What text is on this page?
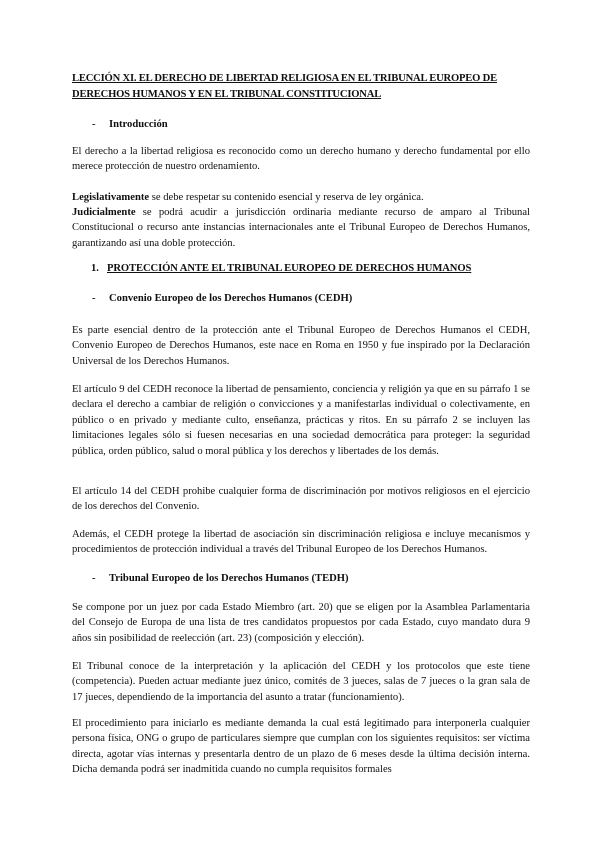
LECCIÓN XI. EL DERECHO DE LIBERTAD RELIGIOSA EN EL TRIBUNAL EUROPEO DE DERECHOS HUMANOS Y EN EL TRIBUNAL CONSTITUCIONAL
- Introducción
El derecho a la libertad religiosa es reconocido como un derecho humano y derecho fundamental por ello merece protección de nuestro ordenamiento.
Legislativamente se debe respetar su contenido esencial y reserva de ley orgánica.
Judicialmente se podrá acudir a jurisdicción ordinaria mediante recurso de amparo al Tribunal Constitucional o recurso ante instancias internacionales ante el Tribunal Europeo de Derechos Humanos, garantizando así una doble protección.
1. PROTECCIÓN ANTE EL TRIBUNAL EUROPEO DE DERECHOS HUMANOS
- Convenio Europeo de los Derechos Humanos (CEDH)
Es parte esencial dentro de la protección ante el Tribunal Europeo de Derechos Humanos el CEDH, Convenio Europeo de Derechos Humanos, este nace en Roma en 1950 y fue inspirado por la Declaración Universal de los Derechos Humanos.
El artículo 9 del CEDH reconoce la libertad de pensamiento, conciencia y religión ya que en su párrafo 1 se declara el derecho a cambiar de religión o convicciones y a manifestarlas individual o colectivamente, en público o en privado y mediante culto, enseñanza, prácticas y ritos. En su párrafo 2 se incluyen las limitaciones legales sólo si fuesen necesarias en una sociedad democrática para proteger: la seguridad pública, orden público, salud o moral pública y los derechos y libertades de los demás.
El artículo 14 del CEDH prohibe cualquier forma de discriminación por motivos religiosos en el ejercicio de los derechos del Convenio.
Además, el CEDH protege la libertad de asociación sin discriminación religiosa e incluye mecanismos y procedimientos de protección individual a través del Tribunal Europeo de los Derechos Humanos.
- Tribunal Europeo de los Derechos Humanos (TEDH)
Se compone por un juez por cada Estado Miembro (art. 20) que se eligen por la Asamblea Parlamentaria del Consejo de Europa de una lista de tres candidatos propuestos por cada Estado, cuyo mandato dura 9 años sin posibilidad de reelección (art. 23) (composición y elección).
El Tribunal conoce de la interpretación y la aplicación del CEDH y los protocolos que este tiene (competencia). Pueden actuar mediante juez único, comités de 3 jueces, salas de 7 jueces o la gran sala de 17 jueces, dependiendo de la importancia del asunto a tratar (funcionamiento).
El procedimiento para iniciarlo es mediante demanda la cual está legitimado para interponerla cualquier persona física, ONG o grupo de particulares siempre que cumplan con los siguientes requisitos: ser víctima directa, agotar vías internas y presentarla dentro de un plazo de 6 meses desde la última decisión interna. Dicha demanda podrá ser inadmitida cuando no cumpla requisitos formales
